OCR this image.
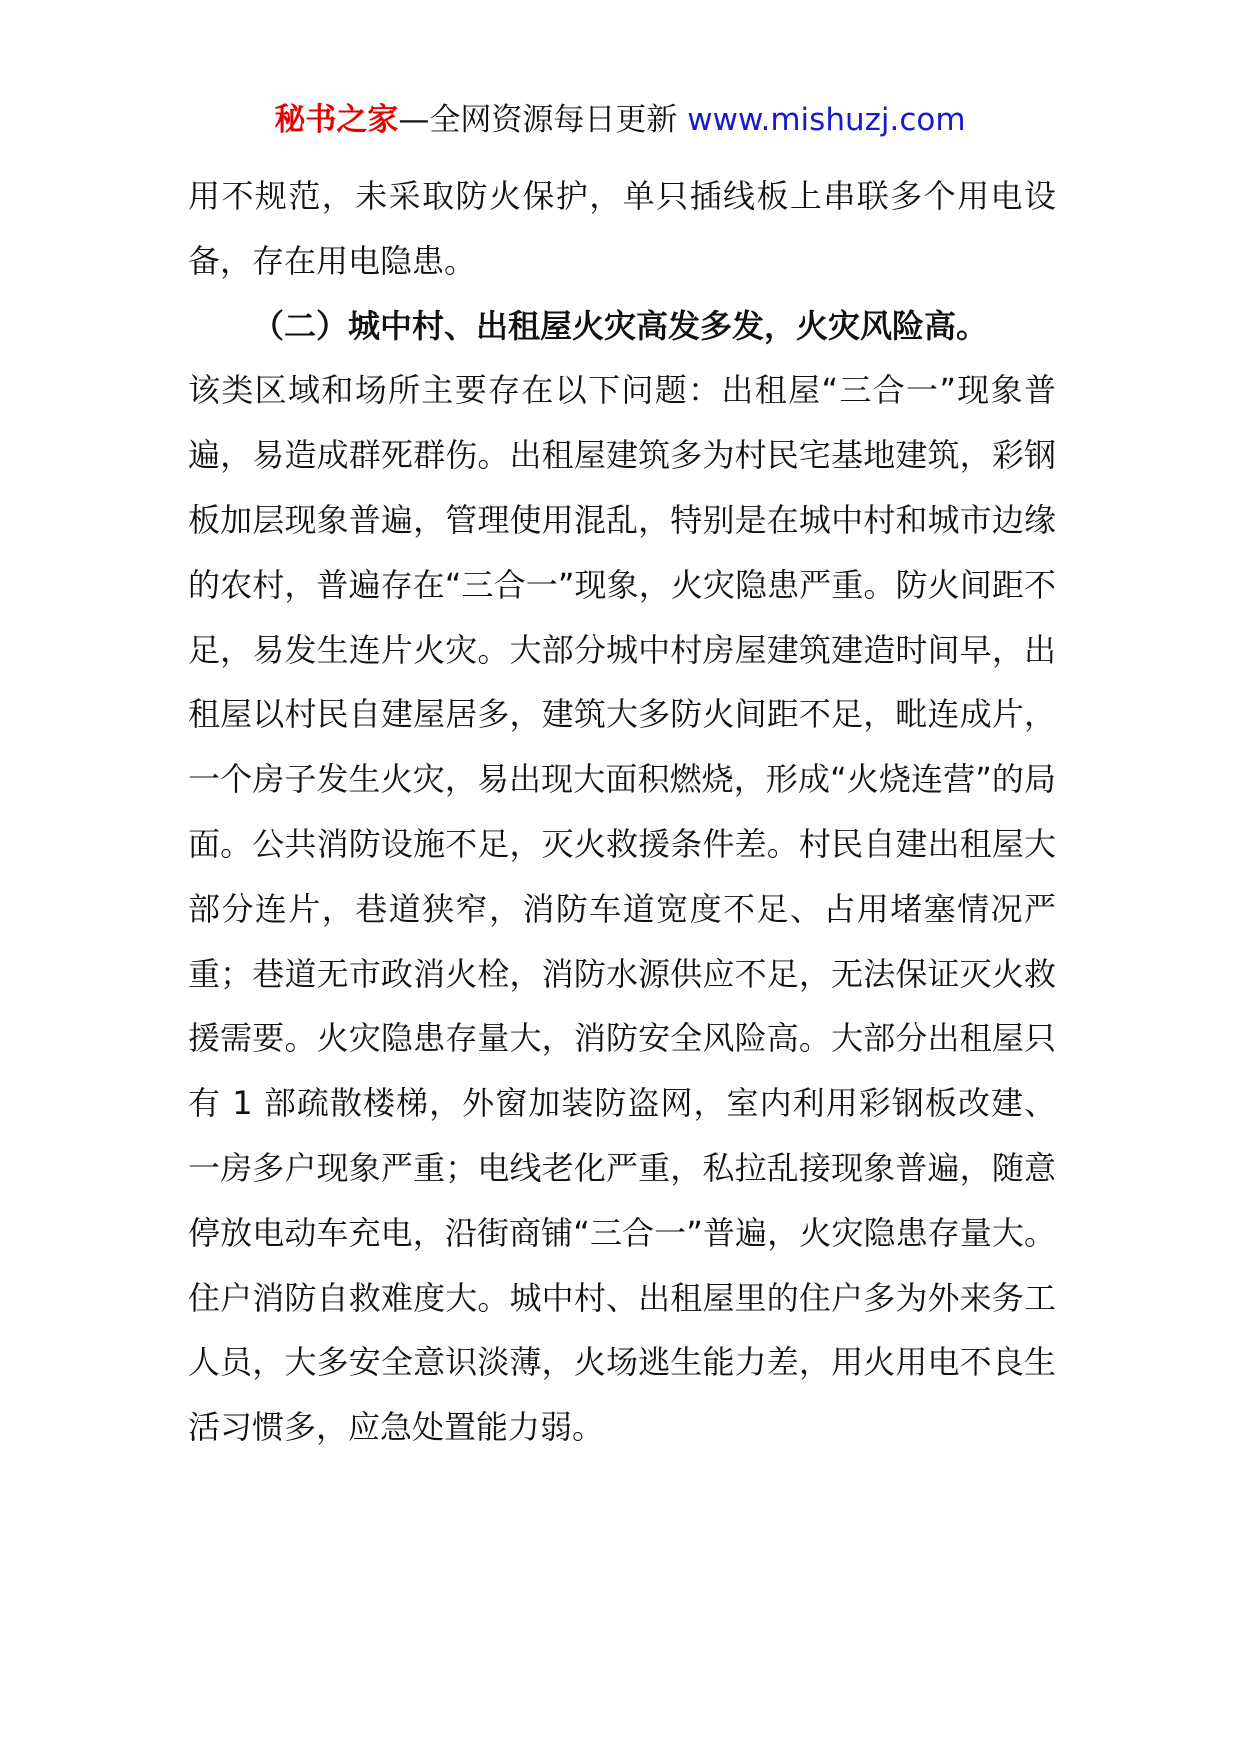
秘书之家—全网资源每日更新 www.mishuzj.com

用不规范，未采取防火保护，单只插线板上串联多个用电设备，存在用电隐患。

（二）城中村、出租屋火灾高发多发，火灾风险高。

该类区域和场所主要存在以下问题：出租屋“三合一”现象普遍，易造成群死群伤。出租屋建筑多为村民宅基地建筑，彩钢板加层现象普遍，管理使用混乱，特别是在城中村和城市边缘的农村，普遍存在“三合一”现象，火灾隐患严重。防火间距不足，易发生连片火灾。大部分城中村房屋建筑建造时间早，出租屋以村民自建屋居多，建筑大多防火间距不足，毗连成片，一个房子发生火灾，易出现大面积燃烧，形成“火烧连营”的局面。公共消防设施不足，灭火救援条件差。村民自建出租屋大部分连片，巷道狭窄，消防车道宽度不足、占用堵塞情况严重；巷道无市政消火栓，消防水源供应不足，无法保证灭火救援需要。火灾隐患存量大，消防安全风险高。大部分出租屋只有 1 部疏散楼梯，外窗加装防盗网，室内利用彩钢板改建、一房多户现象严重；电线老化严重，私拉乱接现象普遍，随意停放电动车充电，沿街商铺“三合一”普遍，火灾隐患存量大。住户消防自救难度大。城中村、出租屋里的住户多为外来务工人员，大多安全意识淡薄，火场逃生能力差，用火用电不良生活习惯多，应急处置能力弱。
